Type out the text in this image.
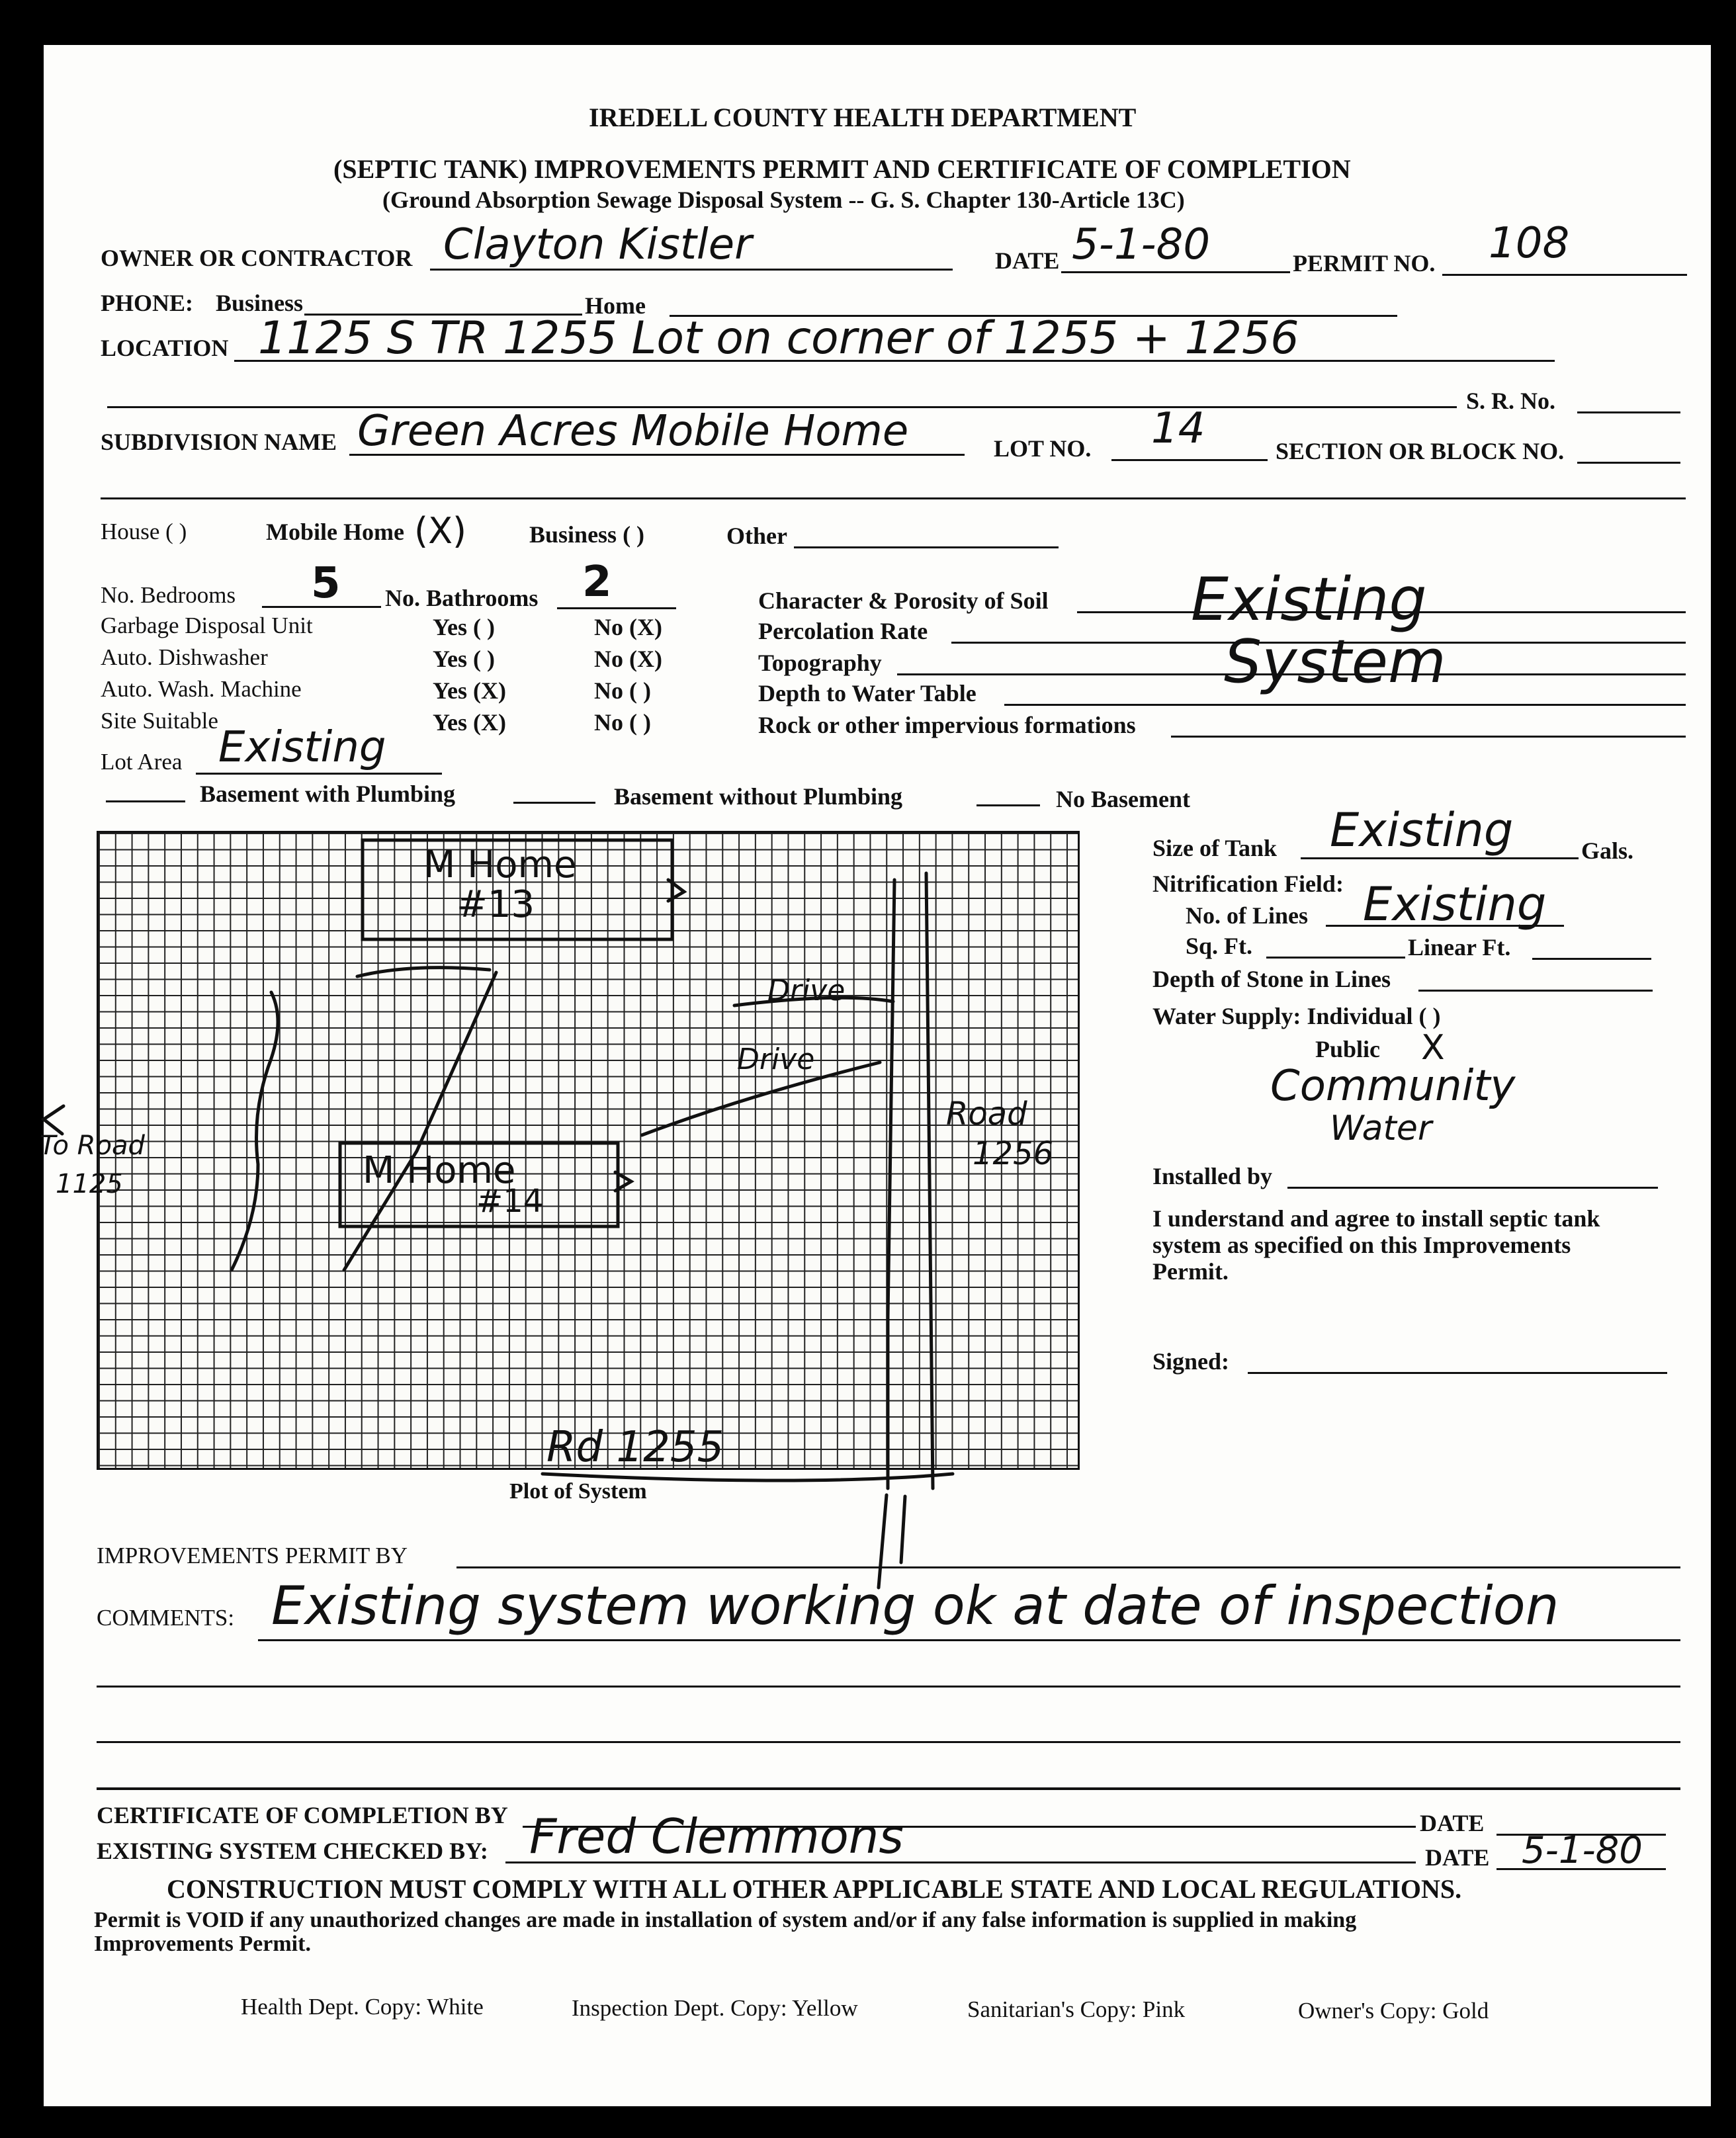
IREDELL COUNTY HEALTH DEPARTMENT
(SEPTIC TANK) IMPROVEMENTS PERMIT AND CERTIFICATE OF COMPLETION
(Ground Absorption Sewage Disposal System -- G. S. Chapter 130-Article 13C)
OWNER OR CONTRACTOR Clayton Kistler	DATE 5-1-80	PERMIT NO. 108
PHONE: Business	Home
LOCATION 1125 S TR 1255 Lot on corner of 1255 + 1256
S. R. No.
SUBDIVISION NAME Green Acres Mobile Home	LOT NO. 14	SECTION OR BLOCK NO.
House ( )	Mobile Home (X)	Business ( )	Other
No. Bedrooms 5 No. Bathrooms 2
Garbage Disposal Unit	Yes ( )	No (X)
Auto. Dishwasher	Yes ( )	No (X)
Auto. Wash. Machine	Yes (X)	No ( )
Site Suitable	Yes (X)	No ( )
Character & Porosity of Soil
Percolation Rate
Topography
Depth to Water Table
Rock or other impervious formations
Existing
System
Lot Area Existing
Basement with Plumbing	Basement without Plumbing	No Basement
M Home
#13
M Home
#14
Drive
Drive
Road
1256
To Road
1125
Rd 1255
Plot of System
Size of Tank Existing	Gals.
Nitrification Field:
No. of Lines Existing
Sq. Ft.	Linear Ft.
Depth of Stone in Lines
Water Supply: Individual ( )
Public X
Community
Water
Installed by
I understand and agree to install septic tank
system as specified on this Improvements
Permit.
Signed:
IMPROVEMENTS PERMIT BY
COMMENTS: Existing system working ok at date of inspection
CERTIFICATE OF COMPLETION BY	DATE
EXISTING SYSTEM CHECKED BY: Fred Clemmons	DATE 5-1-80
CONSTRUCTION MUST COMPLY WITH ALL OTHER APPLICABLE STATE AND LOCAL REGULATIONS.
Permit is VOID if any unauthorized changes are made in installation of system and/or if any false information is supplied in making
Improvements Permit.
Health Dept. Copy: White	Inspection Dept. Copy: Yellow	Sanitarian's Copy: Pink	Owner's Copy: Gold
